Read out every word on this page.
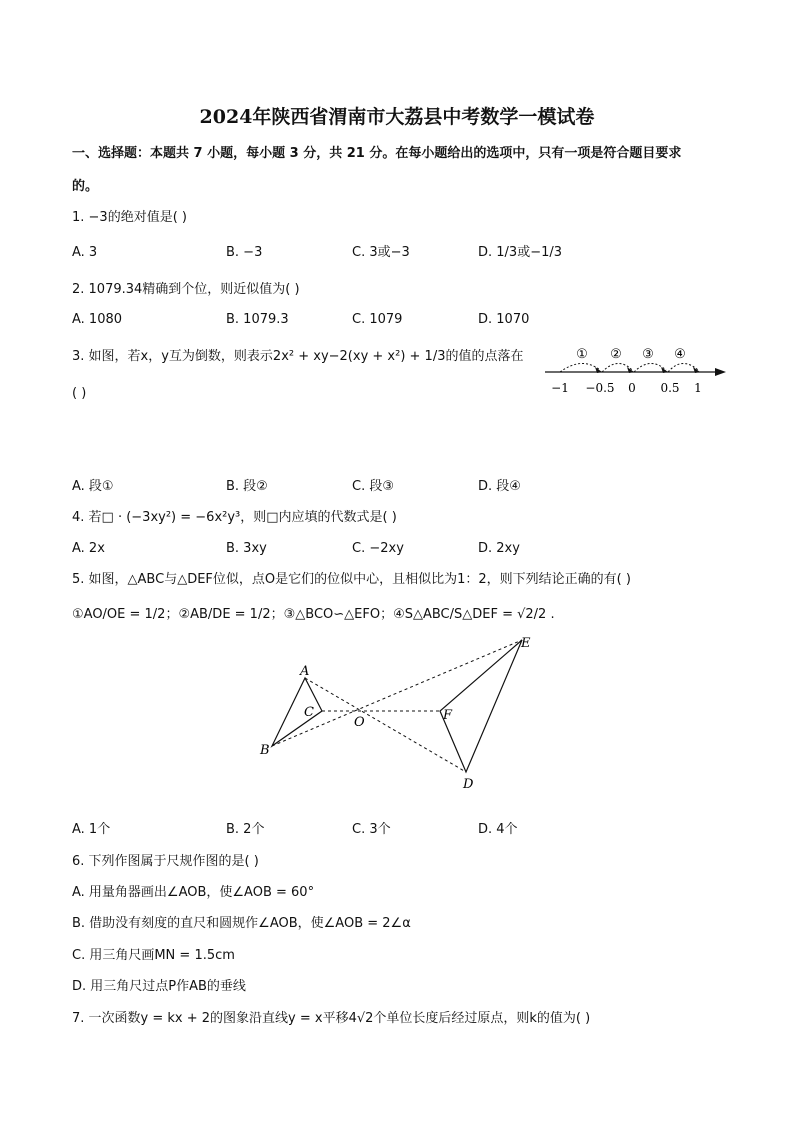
2024年陕西省渭南市大荔县中考数学一模试卷
一、选择题：本题共 7 小题，每小题 3 分，共 21 分。在每小题给出的选项中，只有一项是符合题目要求
的。
1. −3的绝对值是( )
A. 3	B. −3	C. 3或−3	D. 1/3或−1/3
2. 1079.34精确到个位，则近似值为( )
A. 1080	B. 1079.3	C. 1079	D. 1070
3. 如图，若x，y互为倒数，则表示2x² + xy−2(xy + x²) + 1/3的值的点落在
( )
① ② ③ ④
−1 −0.5 0 0.5 1
A. 段①	B. 段②	C. 段③	D. 段④
4. 若□ · (−3xy²) = −6x²y³，则□内应填的代数式是( )
A. 2x	B. 3xy	C. −2xy	D. 2xy
5. 如图，△ABC与△DEF位似，点O是它们的位似中心，且相似比为1：2，则下列结论正确的有( )
①AO/OE = 1/2；②AB/DE = 1/2；③△BCO∽△EFO；④S△ABC/S△DEF = √2/2 .
A
B
C
O	F
E
D
A. 1个	B. 2个	C. 3个	D. 4个
6. 下列作图属于尺规作图的是( )
A. 用量角器画出∠AOB，使∠AOB = 60°
B. 借助没有刻度的直尺和圆规作∠AOB，使∠AOB = 2∠α
C. 用三角尺画MN = 1.5cm
D. 用三角尺过点P作AB的垂线
7. 一次函数y = kx + 2的图象沿直线y = x平移4√2个单位长度后经过原点，则k的值为( )
